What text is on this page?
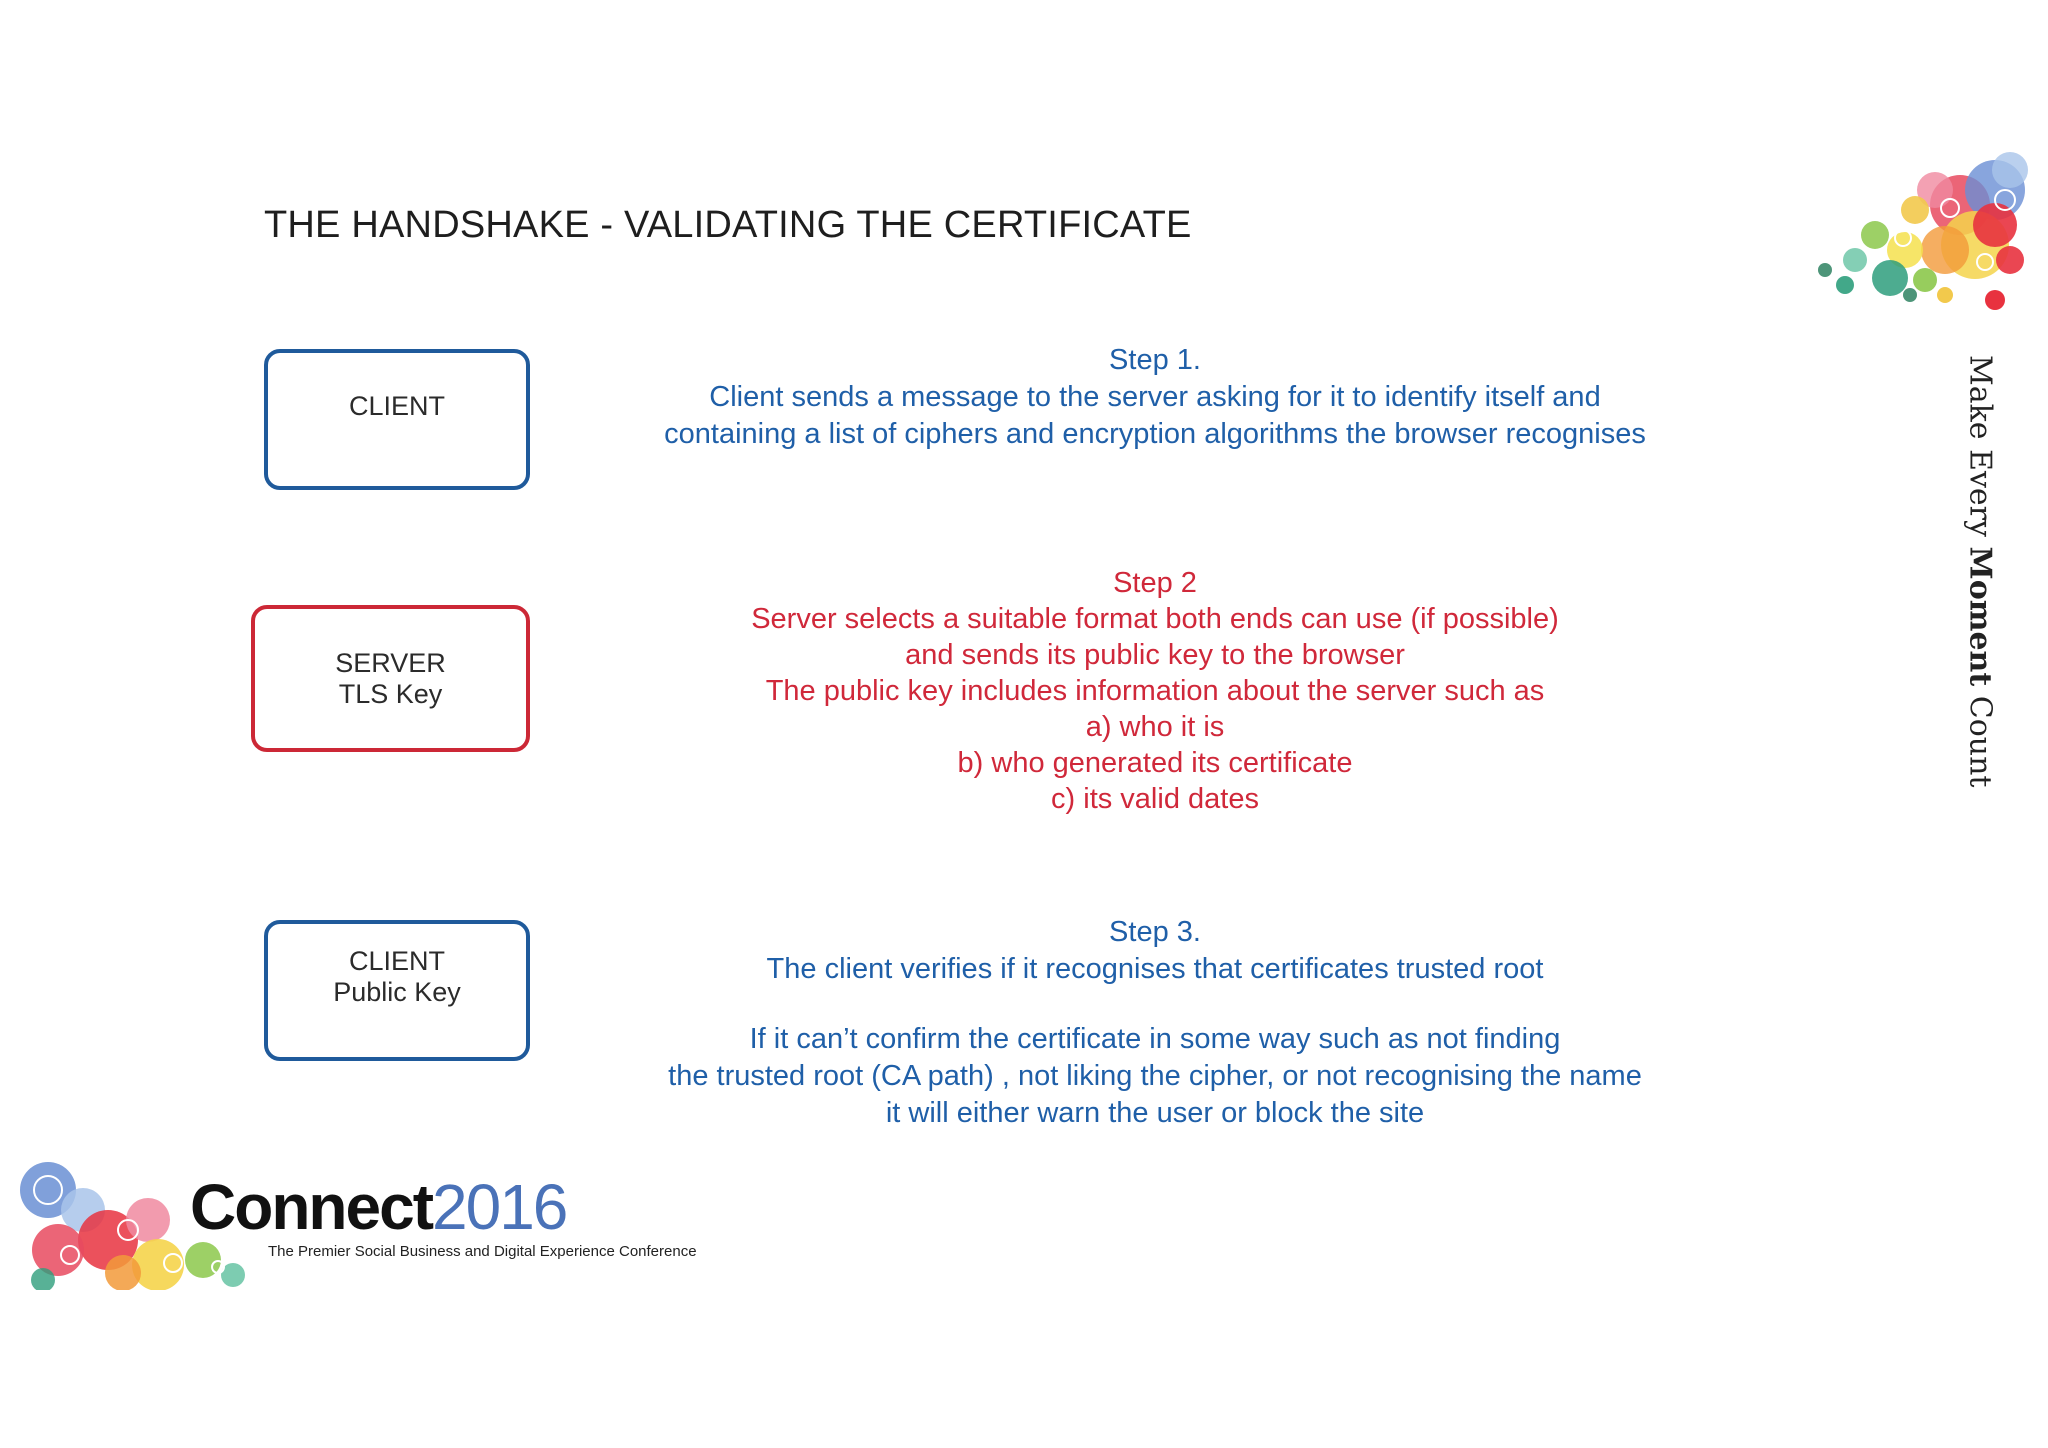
THE HANDSHAKE - VALIDATING THE CERTIFICATE
CLIENT
SERVER
TLS Key
CLIENT
Public Key
Step 1.
Client sends a message to the server asking for it to identify itself and
containing a list of ciphers and encryption algorithms the browser recognises
Step 2
Server selects a suitable format both ends can use (if possible)
and sends its public key to the browser
The public key includes information about the server such as
a) who it is
b) who generated its certificate
c) its valid dates
Step 3.
The client verifies if it recognises that certificates trusted root
If it can’t confirm the certificate in some way such as not finding
the trusted root (CA path) , not liking the cipher, or not recognising the name
it will either warn the user or block the site
Make Every Moment Count
Connect2016
The Premier Social Business and Digital Experience Conference
